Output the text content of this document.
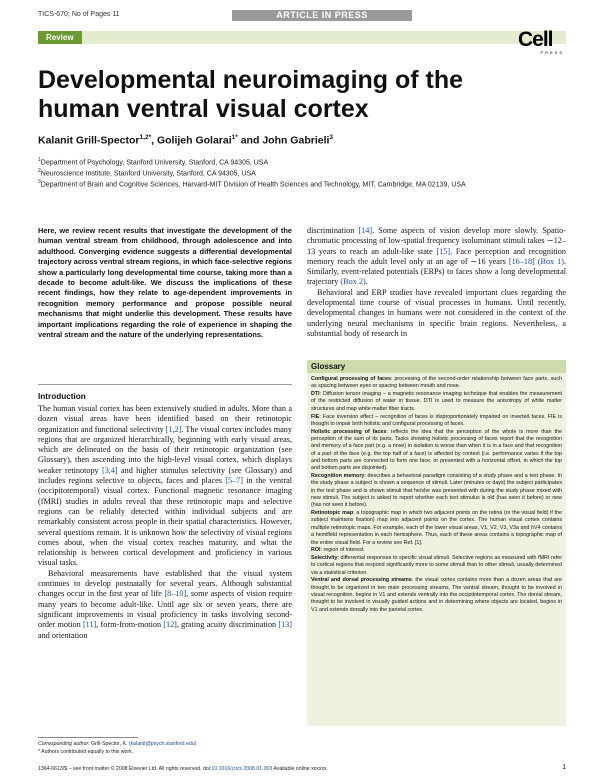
TICS-670; No of Pages 11	ARTICLE IN PRESS
Review	Cell
PRESS
Developmental neuroimaging of the human ventral visual cortex
Kalanit Grill-Spector$^{1,2*}$, Golijeh Golarai$^{1*}$ and John Gabrieli$^3$
$^1$Department of Psychology, Stanford University, Stanford, CA 94305, USA
$^2$Neuroscience Institute, Stanford University, Stanford, CA 94305, USA
$^3$Department of Brain and Cognitive Sciences, Harvard-MIT Division of Health Sciences and Technology, MIT, Cambridge, MA 02139, USA

Here, we review recent results that investigate the development of the human ventral stream from childhood, through adolescence and into adulthood. Converging evidence suggests a differential developmental trajectory across ventral stream regions, in which face-selective regions show a particularly long developmental time course, taking more than a decade to become adult-like. We discuss the implications of these recent findings, how they relate to age-dependent improvements in recognition memory performance and propose possible neural mechanisms that might underlie this development. These results have important implications regarding the role of experience in shaping the ventral stream and the nature of the underlying representations.

Introduction

The human visual cortex has been extensively studied in adults. More than a dozen visual areas have been identified based on their retinotopic organization and functional selectivity [1,2]. The visual cortex includes many regions that are organized hierarchically, beginning with early visual areas, which are delineated on the basis of their retinotopic organization (see Glossary), then ascending into the high-level visual cortex, which displays weaker retinotopy [3,4] and higher stimulus selectivity (see Glossary) and includes regions selective to objects, faces and places [5–7] in the ventral (occipitotemporal) visual cortex. Functional magnetic resonance imaging (fMRI) studies in adults reveal that these retinotopic maps and selective regions can be reliably detected within individual subjects and are remarkably consistent across people in their spatial characteristics. However, several questions remain. It is unknown how the selectivity of visual regions comes about, when the visual cortex reaches maturity, and what the relationship is between cortical development and proficiency in various visual tasks.

Behavioral measurements have established that the visual system continues to develop postnatally for several years. Although substantial changes occur in the first year of life [8–10], some aspects of vision require many years to become adult-like. Until age six or seven years, there are significant improvements in visual proficiency in tasks involving second-order motion [11], form-from-motion [12], grating acuity discrimination [13] and orientation

discrimination [14]. Some aspects of vision develop more slowly. Spatio-chromatic processing of low-spatial frequency isoluminant stimuli takes ∼12–13 years to reach an adult-like state [15]. Face perception and recognition memory reach the adult level only at an age of ∼16 years [16–18] (Box 1). Similarly, event-related potentials (ERPs) to faces show a long developmental trajectory (Box 2).

Behavioral and ERP studies have revealed important clues regarding the developmental time course of visual processes in humans. Until recently, developmental changes in humans were not considered in the context of the underlying neural mechanisms in specific brain regions. Nevertheless, a substantial body of research in

Glossary

Configural processing of faces: processing of the second-order relationship between face parts, such as spacing between eyes or spacing between mouth and nose.

DTI: Diffusion tensor imaging – a magnetic resonance imaging technique that enables the measurement of the restricted diffusion of water in tissue. DTI is used to measure the anisotropy of white matter structures and map white matter fiber tracts.

FIE: Face inversion effect – recognition of faces is disproportionately impaired on inverted faces. FIE is thought to impair both holistic and configural processing of faces.

Holistic processing of faces: reflects the idea that the perception of the whole is more than the perception of the sum of its parts. Tasks showing holistic processing of faces report that the recognition and memory of a face part (e.g. a nose) in isolation is worse than when it is in a face and that recognition of a part of the face (e.g. the top half of a face) is affected by context (i.e. performance varies if the top and bottom parts are connected to form one face, or presented with a horizontal offset, in which the top and bottom parts are disjointed).

Recognition memory: describes a behavioral paradigm consisting of a study phase and a test phase. In the study phase a subject is shown a sequence of stimuli. Later (minutes or days) the subject participates in the test phase and is shown stimuli that he/she was presented with during the study phase mixed with new stimuli. The subject is asked to report whether each test stimulus is old (has seen it before) or new (has not seen it before).

Retinotopic map: a topographic map in which two adjacent points on the retina (or the visual field) if the subject maintains fixation) map into adjacent points on the cortex. The human visual cortex contains multiple retinotopic maps. For example, each of the lower visual areas, V1, V2, V3, V3a and hV4 contains a hemifield representation in each hemisphere. Thus, each of these areas contains a topographic map of the entire visual field. For a review see Ref. [1].

ROI: region of interest.

Selectivity: differential responses to specific visual stimuli. Selective regions as measured with fMRI refer to cortical regions that respond significantly more to some stimuli than to other stimuli, usually determined via a statistical criterion.

Ventral and dorsal processing streams: the visual cortex contains more than a dozen areas that are thought to be organized in two main processing streams. The ventral stream, thought to be involved in visual recognition, begins in V1 and extends ventrally into the occipitotemporal cortex. The dorsal stream, thought to be involved in visually guided actions and in determining where objects are located, begins in V1 and extends dorsally into the parietal cortex.

Corresponding author: Grill-Spector, K. (kalanit@psych.stanford.edu)
* Authors contributed equally to this work.
1364-6613/$ – see front matter © 2008 Elsevier Ltd. All rights reserved. doi:10.1016/j.tics.2008.01.003 Available online xxxxxx	1
